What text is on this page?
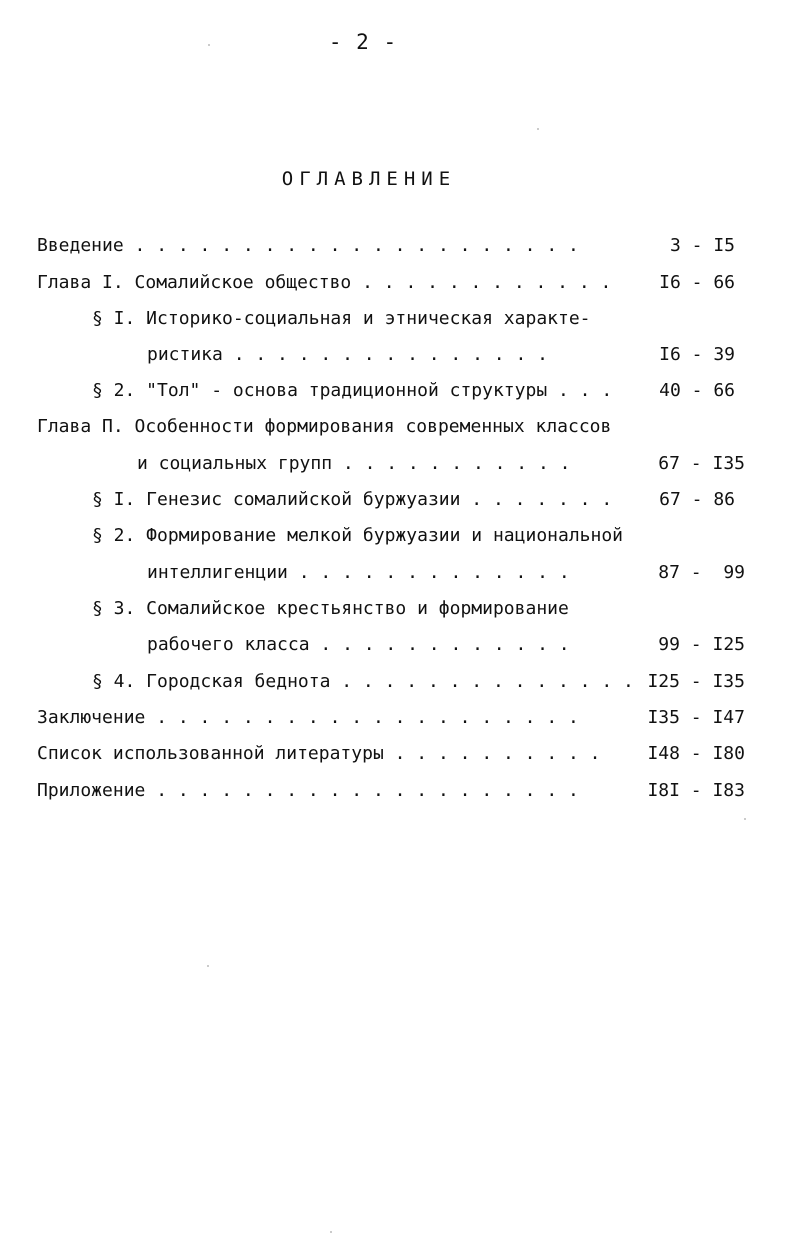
- 2 -
ОГЛАВЛЕНИЕ
Введение . . . . . . . . . . . . . . . . . . . . .	3 - I5
Глава I. Сомалийское общество . . . . . . . . . . . .	I6 - 66
§ I. Историко-социальная и этническая характе-
ристика . . . . . . . . . . . . . . .	I6 - 39
§ 2. "Тол" - основа традиционной структуры . . .	40 - 66
Глава П. Особенности формирования современных классов
и социальных групп . . . . . . . . . . .	67 - I35
§ I. Генезис сомалийской буржуазии . . . . . . .	67 - 86
§ 2. Формирование мелкой буржуазии и национальной
интеллигенции . . . . . . . . . . . . .	87 -  99
§ 3. Сомалийское крестьянство и формирование
рабочего класса . . . . . . . . . . . .	99 - I25
§ 4. Городская беднота . . . . . . . . . . . . . . I25 - I35
Заключение . . . . . . . . . . . . . . . . . . . .	I35 - I47
Список использованной литературы . . . . . . . . . .	I48 - I80
Приложение . . . . . . . . . . . . . . . . . . . .	I8I - I83
